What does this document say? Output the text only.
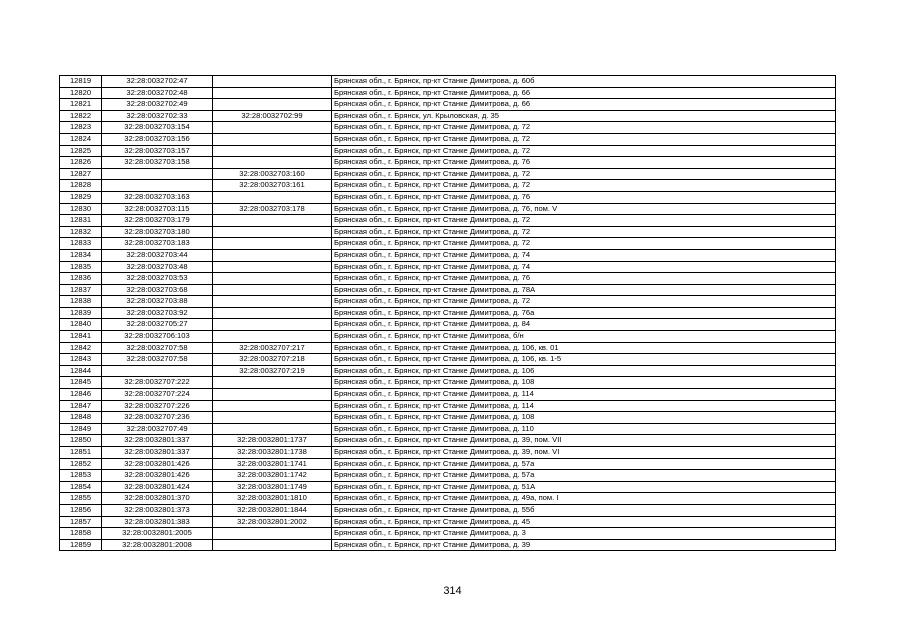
12819	32:28:0032702:47		Брянская обл., г. Брянск, пр-кт Станке Димитрова, д. 60б
12820	32:28:0032702:48		Брянская обл., г. Брянск, пр-кт Станке Димитрова, д. 66
12821	32:28:0032702:49		Брянская обл., г. Брянск, пр-кт Станке Димитрова, д. 66
12822	32:28:0032702:33	32:28:0032702:99	Брянская обл., г. Брянск, ул. Крыловская, д. 35
12823	32:28:0032703:154		Брянская обл., г. Брянск, пр-кт Станке Димитрова, д. 72
12824	32:28:0032703:156		Брянская обл., г. Брянск, пр-кт Станке Димитрова, д. 72
12825	32:28:0032703:157		Брянская обл., г. Брянск, пр-кт Станке Димитрова, д. 72
12826	32:28:0032703:158		Брянская обл., г. Брянск, пр-кт Станке Димитрова, д. 76
12827		32:28:0032703:160	Брянская обл., г. Брянск, пр-кт Станке Димитрова, д. 72
12828		32:28:0032703:161	Брянская обл., г. Брянск, пр-кт Станке Димитрова, д. 72
12829	32:28:0032703:163		Брянская обл., г. Брянск, пр-кт Станке Димитрова, д. 76
12830	32:28:0032703:115	32:28:0032703:178	Брянская обл., г. Брянск, пр-кт Станке Димитрова, д. 76, пом. V
12831	32:28:0032703:179		Брянская обл., г. Брянск, пр-кт Станке Димитрова, д. 72
12832	32:28:0032703:180		Брянская обл., г. Брянск, пр-кт Станке Димитрова, д. 72
12833	32:28:0032703:183		Брянская обл., г. Брянск, пр-кт Станке Димитрова, д. 72
12834	32:28:0032703:44		Брянская обл., г. Брянск, пр-кт Станке Димитрова, д. 74
12835	32:28:0032703:48		Брянская обл., г. Брянск, пр-кт Станке Димитрова, д. 74
12836	32:28:0032703:53		Брянская обл., г. Брянск, пр-кт Станке Димитрова, д. 76
12837	32:28:0032703:68		Брянская обл., г. Брянск, пр-кт Станке Димитрова, д. 78А
12838	32:28:0032703:88		Брянская обл., г. Брянск, пр-кт Станке Димитрова, д. 72
12839	32:28:0032703:92		Брянская обл., г. Брянск, пр-кт Станке Димитрова, д. 76а
12840	32:28:0032705:27		Брянская обл., г. Брянск, пр-кт Станке Димитрова, д. 84
12841	32:28:0032706:103		Брянская обл., г. Брянск, пр-кт Станке Димитрова, б/н
12842	32:28:0032707:58	32:28:0032707:217	Брянская обл., г. Брянск, пр-кт Станке Димитрова, д. 106, кв. 01
12843	32:28:0032707:58	32:28:0032707:218	Брянская обл., г. Брянск, пр-кт Станке Димитрова, д. 106, кв. 1-5
12844		32:28:0032707:219	Брянская обл., г. Брянск, пр-кт Станке Димитрова, д. 106
12845	32:28:0032707:222		Брянская обл., г. Брянск, пр-кт Станке Димитрова, д. 108
12846	32:28:0032707:224		Брянская обл., г. Брянск, пр-кт Станке Димитрова, д. 114
12847	32:28:0032707:226		Брянская обл., г. Брянск, пр-кт Станке Димитрова, д. 114
12848	32:28:0032707:236		Брянская обл., г. Брянск, пр-кт Станке Димитрова, д. 108
12849	32:28:0032707:49		Брянская обл., г. Брянск, пр-кт Станке Димитрова, д. 110
12850	32:28:0032801:337	32:28:0032801:1737	Брянская обл., г. Брянск, пр-кт Станке Димитрова, д. 39, пом. VII
12851	32:28:0032801:337	32:28:0032801:1738	Брянская обл., г. Брянск, пр-кт Станке Димитрова, д. 39, пом. VI
12852	32:28:0032801:426	32:28:0032801:1741	Брянская обл., г. Брянск, пр-кт Станке Димитрова, д. 57а
12853	32:28:0032801:426	32:28:0032801:1742	Брянская обл., г. Брянск, пр-кт Станке Димитрова, д. 57а
12854	32:28:0032801:424	32:28:0032801:1749	Брянская обл., г. Брянск, пр-кт Станке Димитрова, д. 51А
12855	32:28:0032801:370	32:28:0032801:1810	Брянская обл., г. Брянск, пр-кт Станке Димитрова, д. 49а, пом. I
12856	32:28:0032801:373	32:28:0032801:1844	Брянская обл., г. Брянск, пр-кт Станке Димитрова, д. 55б
12857	32:28:0032801:383	32:28:0032801:2002	Брянская обл., г. Брянск, пр-кт Станке Димитрова, д. 45
12858	32:28:0032801:2005		Брянская обл., г. Брянск, пр-кт Станке Димитрова, д. 3
12859	32:28:0032801:2008		Брянская обл., г. Брянск, пр-кт Станке Димитрова, д. 39
314
